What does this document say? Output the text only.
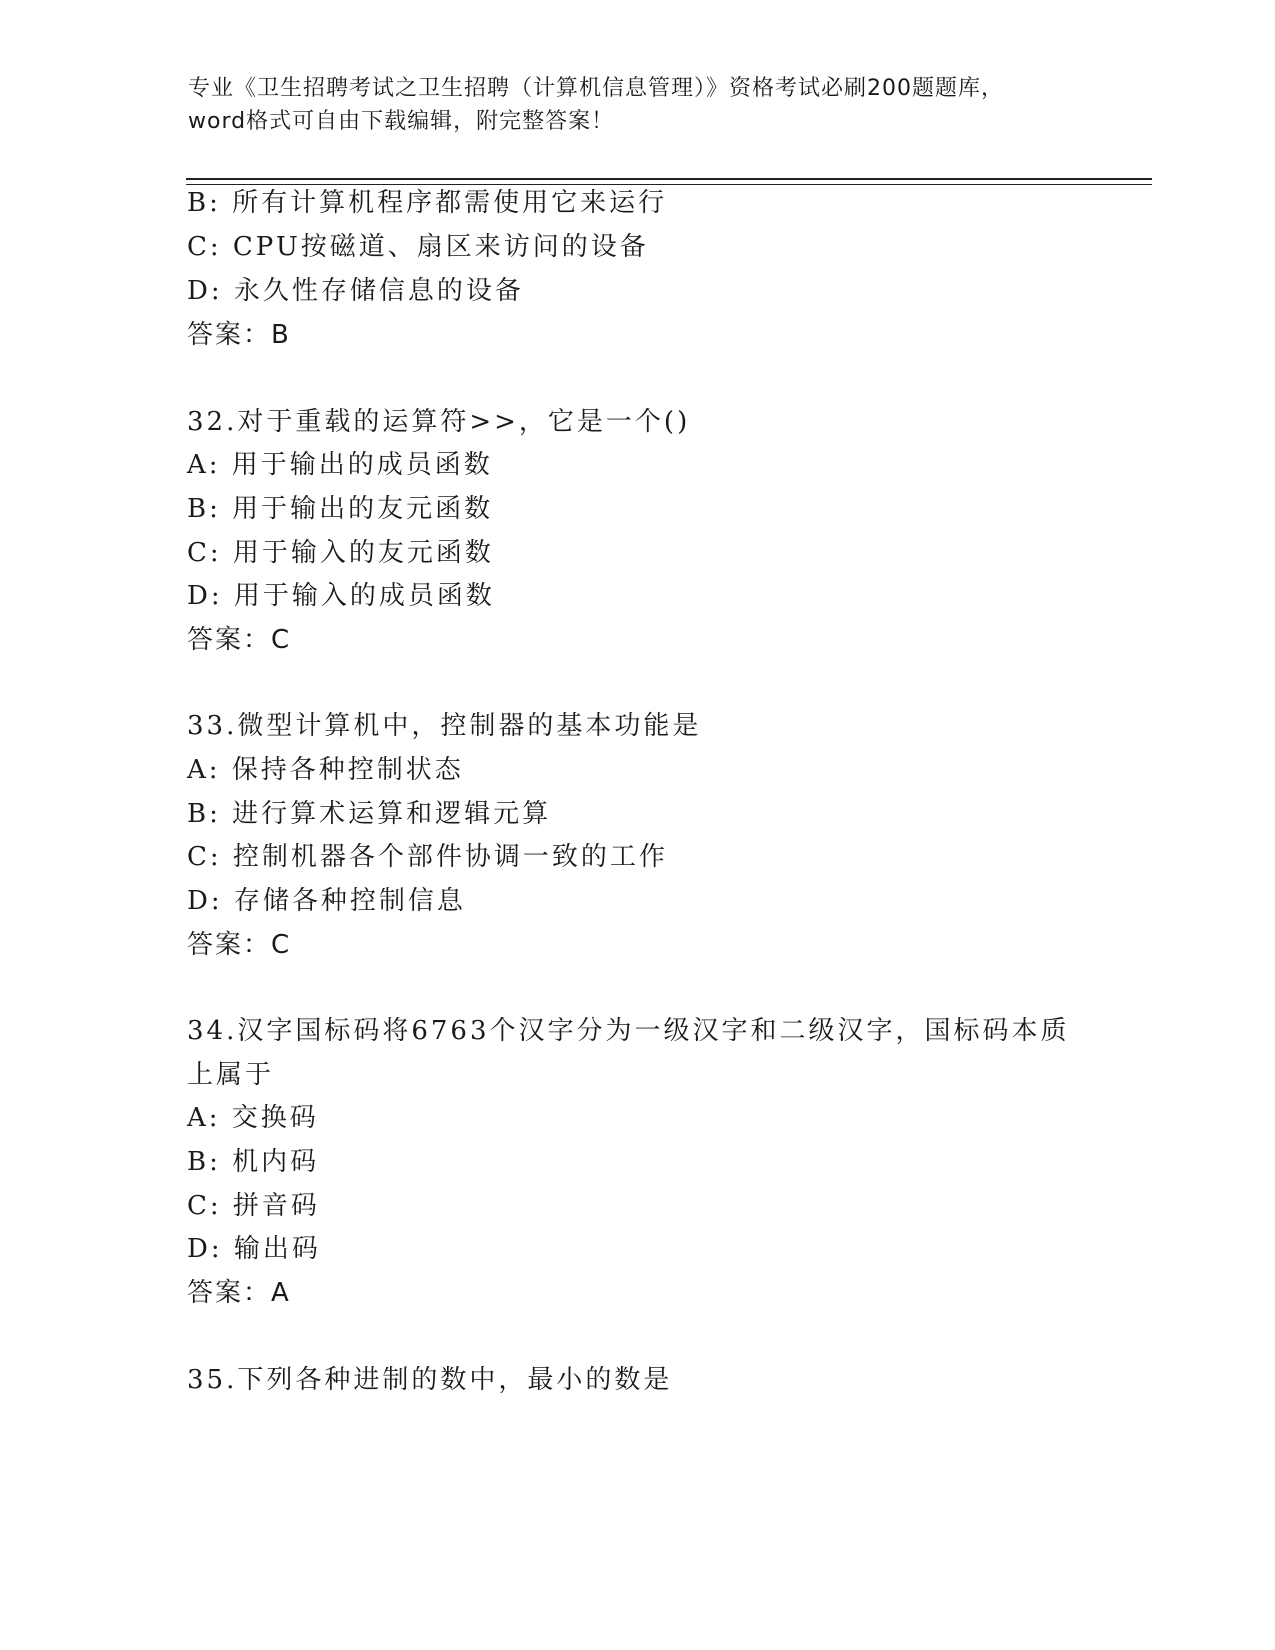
专业《卫生招聘考试之卫生招聘（计算机信息管理）》资格考试必刷200题题库，
word格式可自由下载编辑，附完整答案！
B: 所有计算机程序都需使用它来运行
C: CPU按磁道、扇区来访问的设备
D: 永久性存储信息的设备
答案：B
32.对于重载的运算符>>，它是一个()
A: 用于输出的成员函数
B: 用于输出的友元函数
C: 用于输入的友元函数
D: 用于输入的成员函数
答案：C
33.微型计算机中，控制器的基本功能是
A: 保持各种控制状态
B: 进行算术运算和逻辑元算
C: 控制机器各个部件协调一致的工作
D: 存储各种控制信息
答案：C
34.汉字国标码将6763个汉字分为一级汉字和二级汉字，国标码本质
上属于
A: 交换码
B: 机内码
C: 拼音码
D: 输出码
答案：A
35.下列各种进制的数中，最小的数是
